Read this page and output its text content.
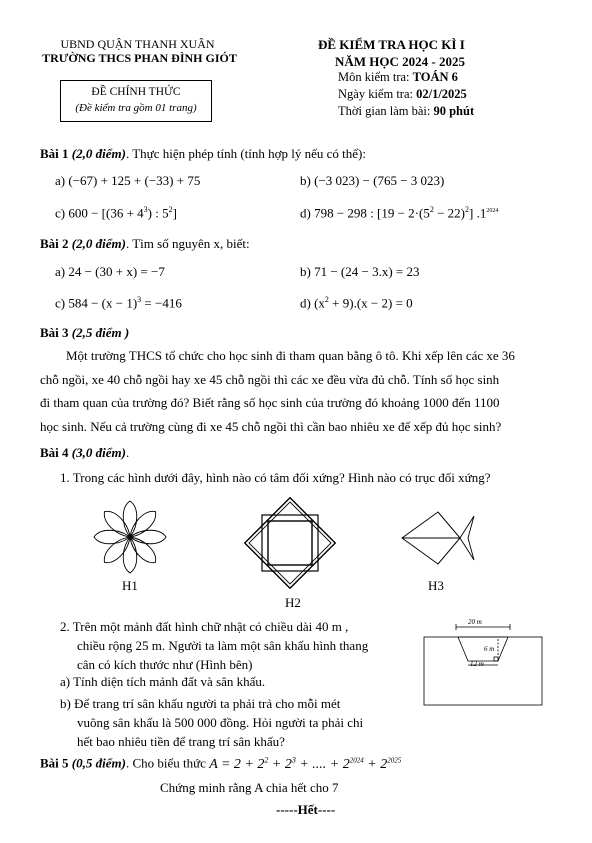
UBND QUẬN THANH XUÂN
TRƯỜNG THCS PHAN ĐÌNH GIÓT
ĐỀ CHÍNH THỨC
(Đề kiểm tra gồm 01 trang)
ĐỀ KIỂM TRA HỌC KÌ I
NĂM HỌC 2024 - 2025
Môn kiểm tra: TOÁN 6
Ngày kiểm tra: 02/1/2025
Thời gian làm bài: 90 phút
Bài 1 (2,0 điểm). Thực hiện phép tính (tính hợp lý nếu có thể):
a) (−67) + 125 + (−33) + 75	b) (−3 023) − (765 − 3 023)
c) $600 - [(36 + 4^3)$ : $5^2$]	d) 798 − 298 : $[19 - 2\cdot(5^2 - 22)^2]$ $.1^{2024}$
Bài 2 (2,0 điểm). Tìm số nguyên x, biết:
a) 24 − (30 + x) = −7	b) 71 − (24 − 3.x) = 23
c) $584 - (x - 1)^3 = -416$	d) $(x^2 + 9).(x - 2) = 0$
Bài 3 (2,5 điểm )
Một trường THCS tổ chức cho học sinh đi tham quan bằng ô tô. Khi xếp lên các xe 36
chỗ ngồi, xe 40 chỗ ngồi hay xe 45 chỗ ngồi thì các xe đều vừa đủ chỗ. Tính số học sinh
đi tham quan của trường đó? Biết rằng số học sinh của trường đó khoảng 1000 đến 1100
học sinh. Nếu cả trường cùng đi xe 45 chỗ ngồi thì cần bao nhiêu xe để xếp đủ học sinh?
Bài 4 (3,0 điểm).
1. Trong các hình dưới đây, hình nào có tâm đối xứng? Hình nào có trục đối xứng?
H1
H2
H3
2. Trên một mảnh đất hình chữ nhật có chiều dài 40 m ,
chiều rộng 25 m. Người ta làm một sân khấu hình thang
cân có kích thước như (Hình bên)
a) Tính diện tích mảnh đất và sân khấu.
b) Để trang trí sân khấu người ta phải trả cho mỗi mét
vuông sân khấu là 500 000 đồng. Hỏi người ta phải chi
hết bao nhiêu tiền để trang trí sân khấu?
20 m
6 m
12 m
Bài 5 (0,5 điểm). Cho biểu thức $A = 2 + 2^2 + 2^3$ + .... + $2^{2024} + 2^{2025}$
Chứng minh rằng A chia hết cho 7
-----Hết----
